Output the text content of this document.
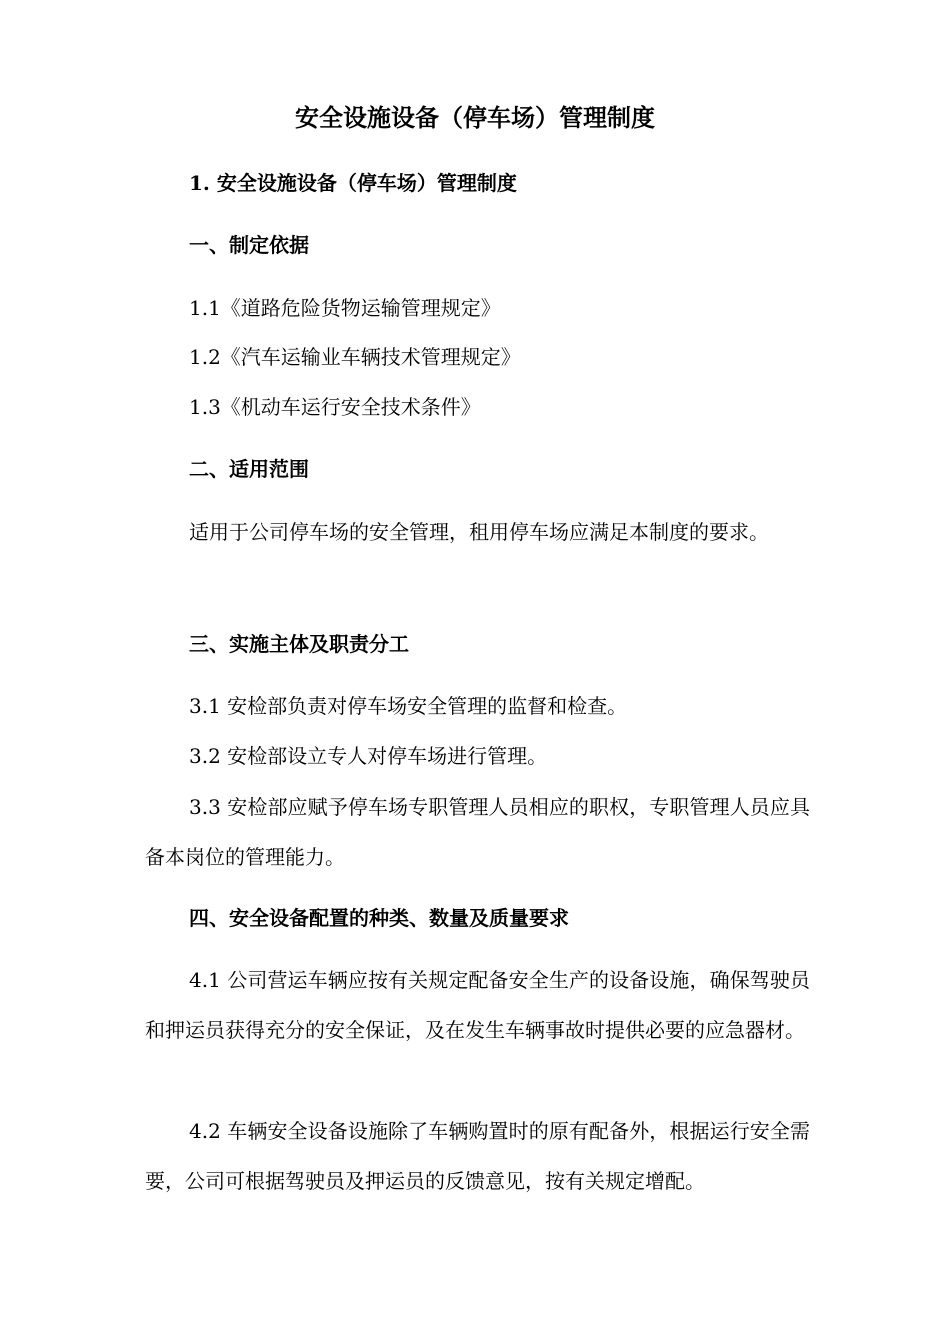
安全设施设备（停车场）管理制度
1. 安全设施设备（停车场）管理制度
一、制定依据
1.1《道路危险货物运输管理规定》
1.2《汽车运输业车辆技术管理规定》
1.3《机动车运行安全技术条件》
二、适用范围

适用于公司停车场的安全管理，租用停车场应满足本制度的要求。

三、实施主体及职责分工
3.1 安检部负责对停车场安全管理的监督和检查。
3.2 安检部设立专人对停车场进行管理。

3.3 安检部应赋予停车场专职管理人员相应的职权，专职管理人员应具备本岗位的管理能力。

四、安全设备配置的种类、数量及质量要求

4.1 公司营运车辆应按有关规定配备安全生产的设备设施，确保驾驶员和押运员获得充分的安全保证，及在发生车辆事故时提供必要的应急器材。

4.2 车辆安全设备设施除了车辆购置时的原有配备外，根据运行安全需要，公司可根据驾驶员及押运员的反馈意见，按有关规定增配。
